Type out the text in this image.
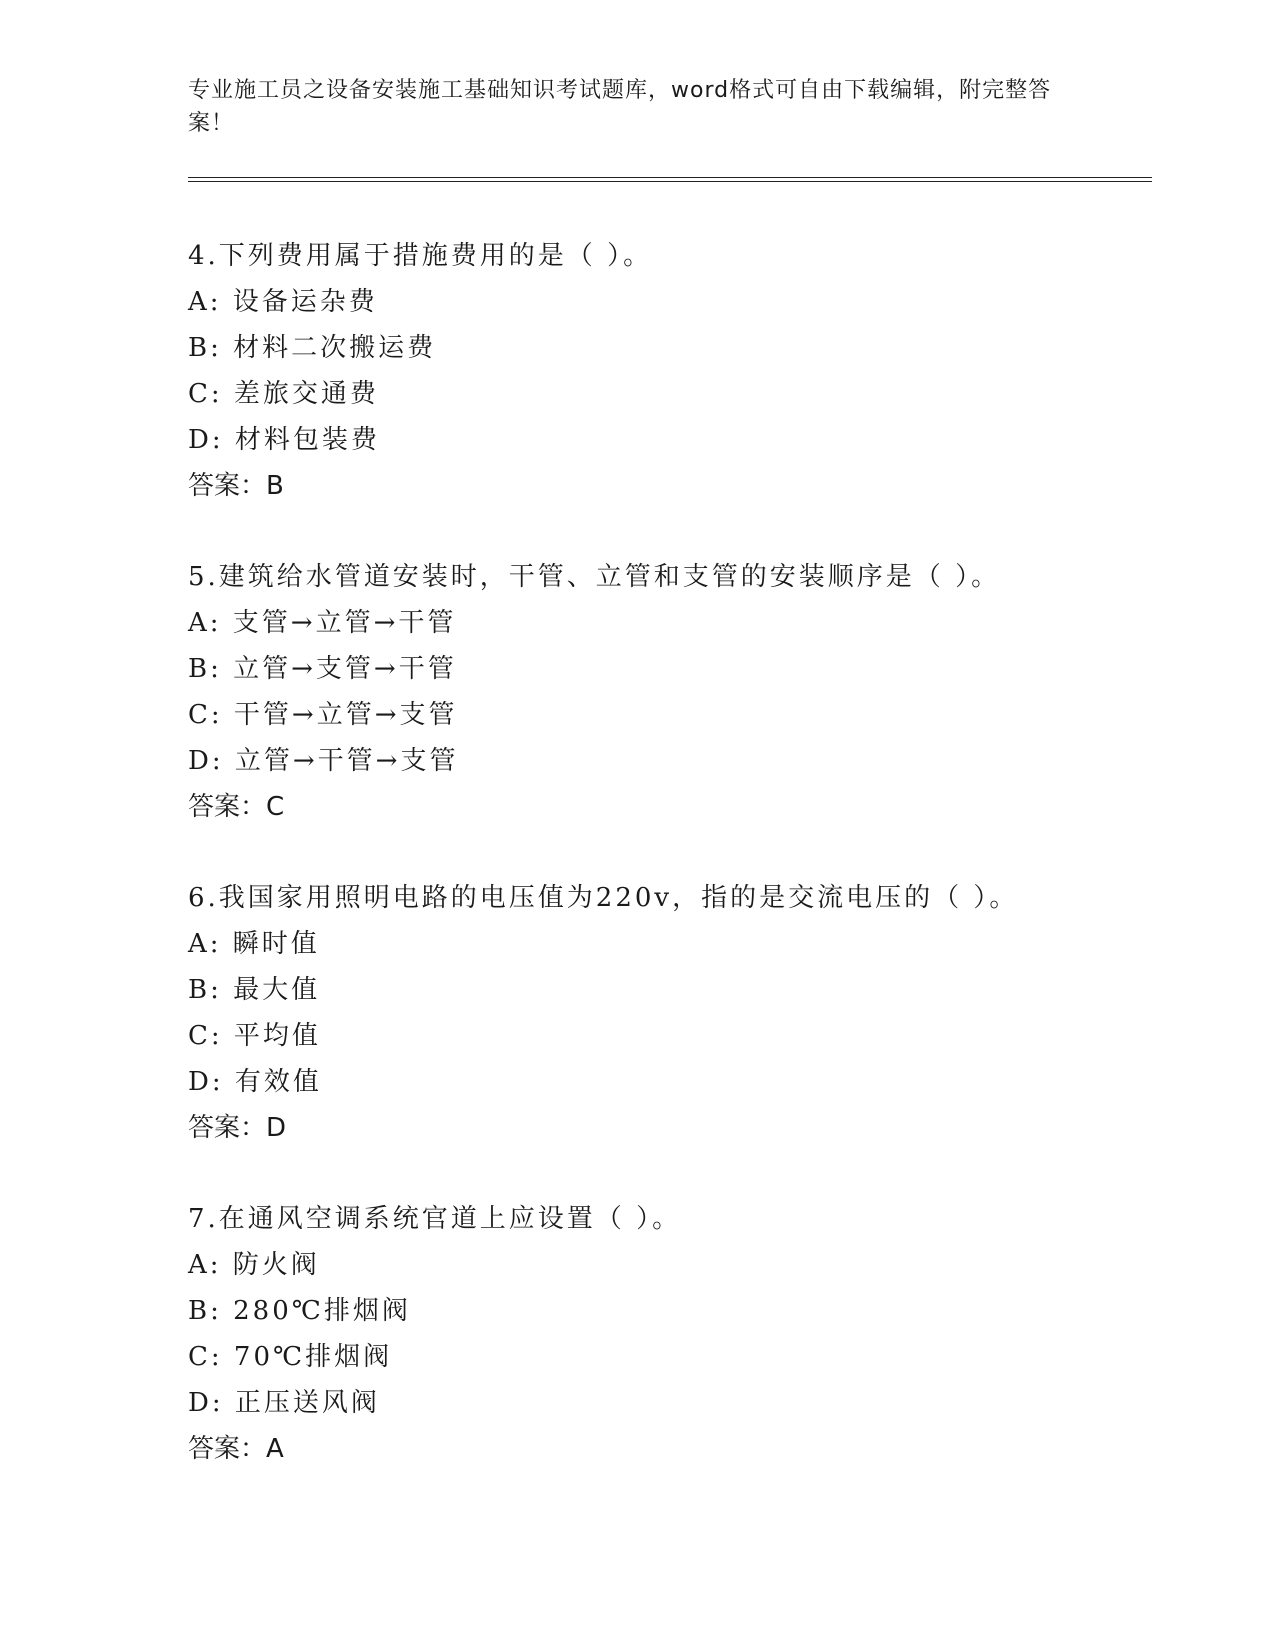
专业施工员之设备安装施工基础知识考试题库，word格式可自由下载编辑，附完整答案！
4.下列费用属于措施费用的是（ ）。
A: 设备运杂费
B: 材料二次搬运费
C: 差旅交通费
D: 材料包装费
答案：B
5.建筑给水管道安装时，干管、立管和支管的安装顺序是（ ）。
A: 支管→立管→干管
B: 立管→支管→干管
C: 干管→立管→支管
D: 立管→干管→支管
答案：C
6.我国家用照明电路的电压值为220v，指的是交流电压的（ ）。
A: 瞬时值
B: 最大值
C: 平均值
D: 有效值
答案：D
7.在通风空调系统官道上应设置（ ）。
A: 防火阀
B: 280℃排烟阀
C: 70℃排烟阀
D: 正压送风阀
答案：A
